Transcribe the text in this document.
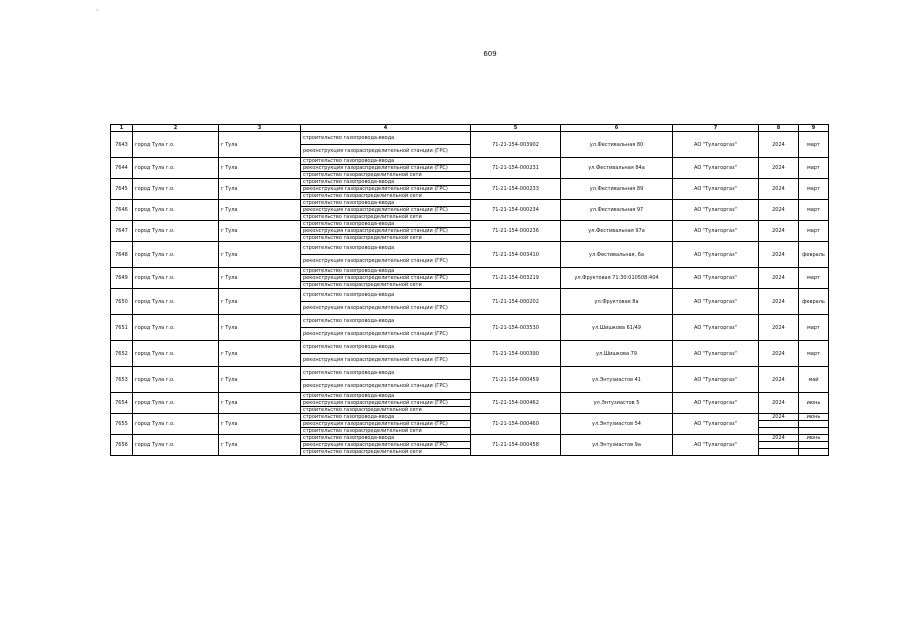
ˋ
609
1	2	3	4	5	6	7	8	9
7643	город Тула г.о.	г Тула	строительство газопровода-ввода	71-21-154-003902	ул.Фестивальная 80	АО "Тулагоргаз"	2024	март
			реконструкция газораспределительной станции (ГРС)					
7644	город Тула г.о.	г Тула	строительство газопровода-ввода	71-21-154-000231	ул.Фестивальная 84а	АО "Тулагоргаз"	2024	март
			реконструкция газораспределительной станции (ГРС)					
			строительство газораспределительной сети					
7645	город Тула г.о.	г Тула	строительство газопровода-ввода	71-21-154-000233	ул.Фестивальная 89	АО "Тулагоргаз"	2024	март
			реконструкция газораспределительной станции (ГРС)					
			строительство газораспределительной сети					
7646	город Тула г.о.	г Тула	строительство газопровода-ввода	71-21-154-000234	ул.Фестивальная 97	АО "Тулагоргаз"	2024	март
			реконструкция газораспределительной станции (ГРС)					
			строительство газораспределительной сети					
7647	город Тула г.о.	г Тула	строительство газопровода-ввода	71-21-154-000236	ул.Фестивальная 97а	АО "Тулагоргаз"	2024	март
			реконструкция газораспределительной станции (ГРС)					
			строительство газораспределительной сети					
7648	город Тула г.о.	г Тула	строительство газопровода-ввода	71-21-154-003410	ул.Фестивальная, 6а	АО "Тулагоргаз"	2024	февраль
			реконструкция газораспределительной станции (ГРС)					
7649	город Тула г.о.	г Тула	строительство газопровода-ввода	71-21-154-003219	ул.Фруктовая 71:30:010508:404	АО "Тулагоргаз"	2024	март
			реконструкция газораспределительной станции (ГРС)					
			строительство газораспределительной сети					
7650	город Тула г.о.	г Тула	строительство газопровода-ввода	71-21-154-000202	ул.Фруктовая 8а	АО "Тулагоргаз"	2024	февраль
			реконструкция газораспределительной станции (ГРС)					
7651	город Тула г.о.	г Тула	строительство газопровода-ввода	71-21-154-003530	ул.Шишкова 61/49	АО "Тулагоргаз"	2024	март
			реконструкция газораспределительной станции (ГРС)					
7652	город Тула г.о.	г Тула	строительство газопровода-ввода	71-21-154-000390	ул.Шишкова 79	АО "Тулагоргаз"	2024	март
			реконструкция газораспределительной станции (ГРС)					
7653	город Тула г.о.	г Тула	строительство газопровода-ввода	71-21-154-000459	ул.Энтузиастов 41	АО "Тулагоргаз"	2024	май
			реконструкция газораспределительной станции (ГРС)					
7654	город Тула г.о.	г Тула	строительство газопровода-ввода	71-21-154-000462	ул.Энтузиастов 5	АО "Тулагоргаз"	2024	июнь
			реконструкция газораспределительной станции (ГРС)					
			строительство газораспределительной сети					
7655	город Тула г.о.	г Тула	строительство газопровода-ввода	71-21-154-000460	ул.Энтузиастов 54	АО "Тулагоргаз"	2024	июнь
			реконструкция газораспределительной станции (ГРС)					
			строительство газораспределительной сети					
7656	город Тула г.о.	г Тула	строительство газопровода-ввода	71-21-154-000458	ул.Энтузиастов 9а	АО "Тулагоргаз"	2024	июнь
			реконструкция газораспределительной станции (ГРС)					
			строительство газораспределительной сети					
